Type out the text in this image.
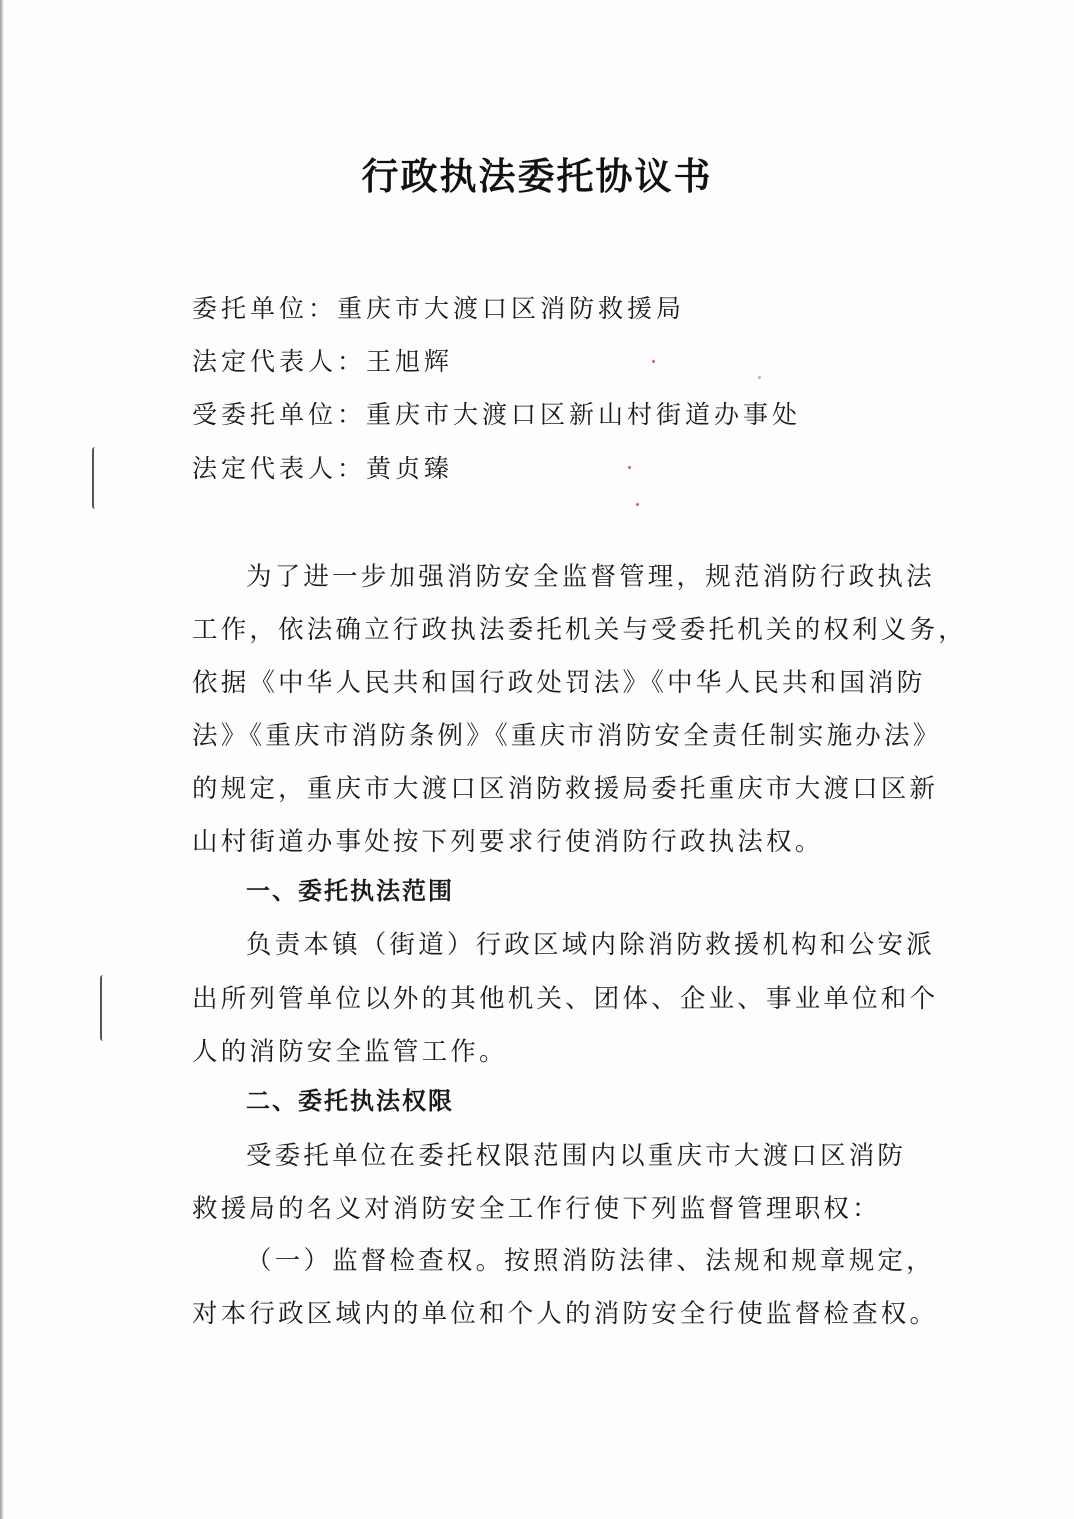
行政执法委托协议书
委托单位：重庆市大渡口区消防救援局
法定代表人：王旭辉
受委托单位：重庆市大渡口区新山村街道办事处
法定代表人：黄贞臻
为了进一步加强消防安全监督管理，规范消防行政执法
工作，依法确立行政执法委托机关与受委托机关的权利义务，
依据《中华人民共和国行政处罚法》《中华人民共和国消防
法》《重庆市消防条例》《重庆市消防安全责任制实施办法》
的规定，重庆市大渡口区消防救援局委托重庆市大渡口区新
山村街道办事处按下列要求行使消防行政执法权。
一、委托执法范围
负责本镇（街道）行政区域内除消防救援机构和公安派
出所列管单位以外的其他机关、团体、企业、事业单位和个
人的消防安全监管工作。
二、委托执法权限
受委托单位在委托权限范围内以重庆市大渡口区消防
救援局的名义对消防安全工作行使下列监督管理职权：
（一）监督检查权。按照消防法律、法规和规章规定，
对本行政区域内的单位和个人的消防安全行使监督检查权。
